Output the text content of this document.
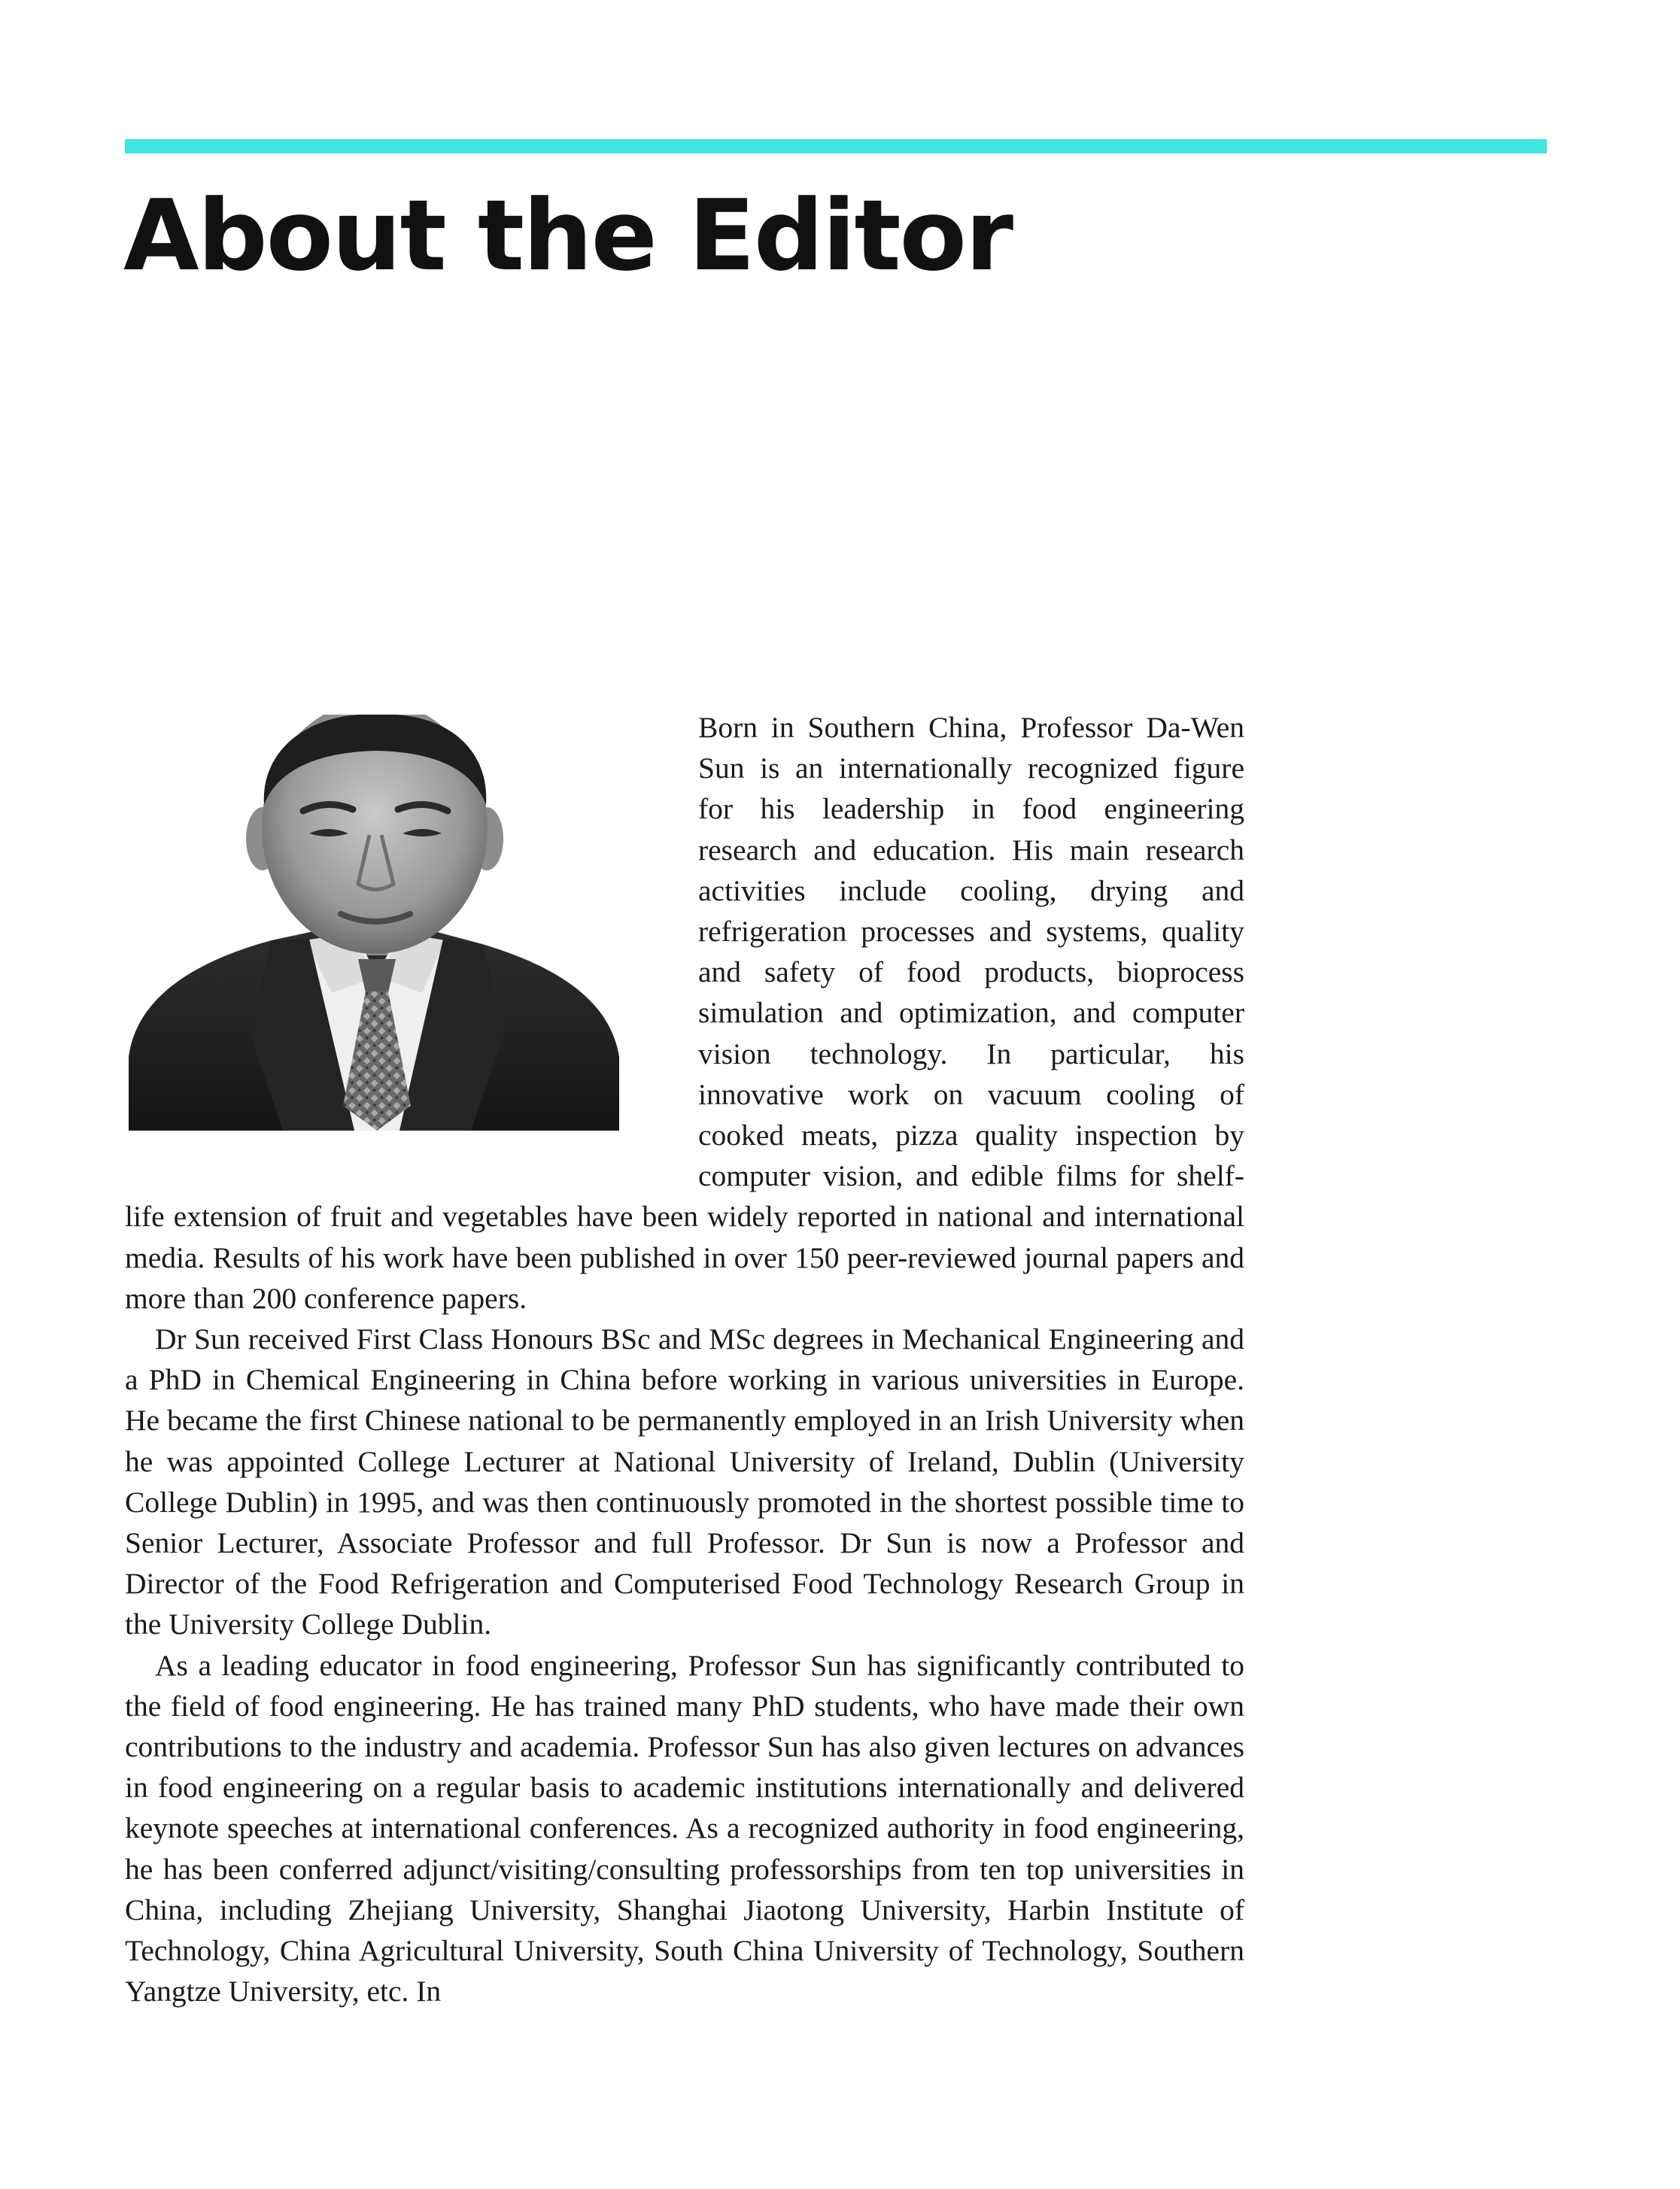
About the Editor

Born in Southern China, Professor Da-Wen Sun is an internationally recognized figure for his leadership in food engineering research and education. His main research activities include cooling, drying and refrigeration processes and systems, quality and safety of food products, bioprocess simulation and optimization, and computer vision technology. In particular, his innovative work on vacuum cooling of cooked meats, pizza quality inspection by computer vision, and edible films for shelf-life extension of fruit and vegetables have been widely reported in national and international media. Results of his work have been published in over 150 peer-reviewed journal papers and more than 200 conference papers.

Dr Sun received First Class Honours BSc and MSc degrees in Mechanical Engineering and a PhD in Chemical Engineering in China before working in various universities in Europe. He became the first Chinese national to be permanently employed in an Irish University when he was appointed College Lecturer at National University of Ireland, Dublin (University College Dublin) in 1995, and was then continuously promoted in the shortest possible time to Senior Lecturer, Associate Professor and full Professor. Dr Sun is now a Professor and Director of the Food Refrigeration and Computerised Food Technology Research Group in the University College Dublin.

As a leading educator in food engineering, Professor Sun has significantly contributed to the field of food engineering. He has trained many PhD students, who have made their own contributions to the industry and academia. Professor Sun has also given lectures on advances in food engineering on a regular basis to academic institutions internationally and delivered keynote speeches at international conferences. As a recognized authority in food engineering, he has been conferred adjunct/visiting/consulting professorships from ten top universities in China, including Zhejiang University, Shanghai Jiaotong University, Harbin Institute of Technology, China Agricultural University, South China University of Technology, Southern Yangtze University, etc. In
